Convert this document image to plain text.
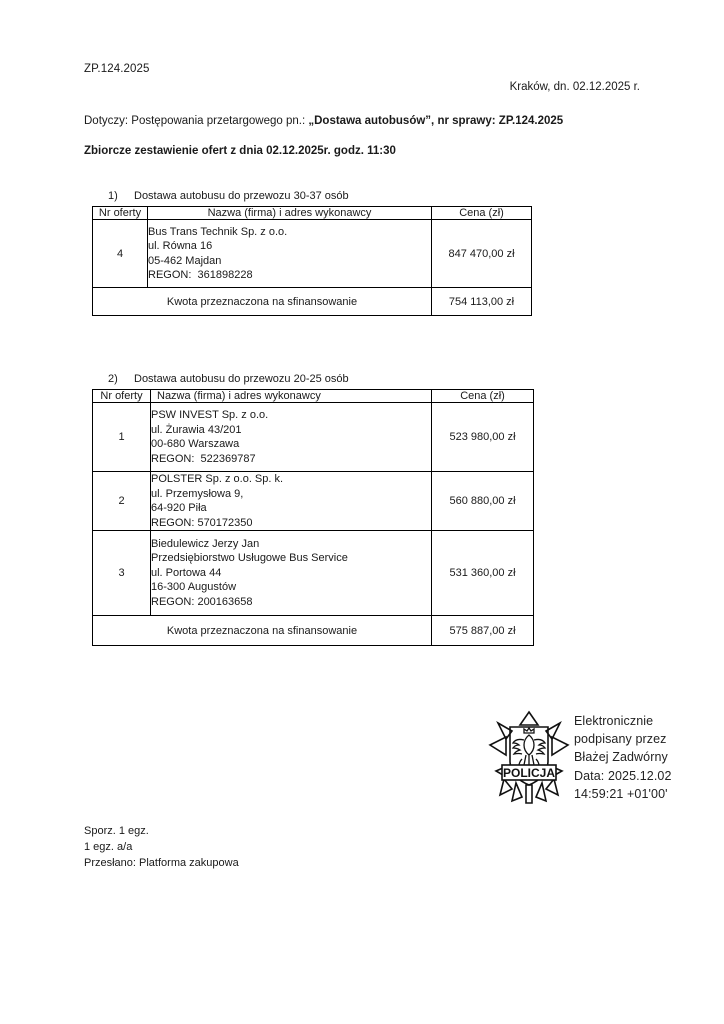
ZP.124.2025
Kraków, dn. 02.12.2025 r.
Dotyczy: Postępowania przetargowego pn.: „Dostawa autobusów”, nr sprawy: ZP.124.2025
Zbiorcze zestawienie ofert z dnia 02.12.2025r. godz. 11:30
1) Dostawa autobusu do przewozu 30-37 osób
Nr oferty	Nazwa (firma) i adres wykonawcy	Cena (zł)
4	Bus Trans Technik Sp. z o.o.
ul. Równa 16
05-462 Majdan
REGON:  361898228	847 470,00 zł
Kwota przeznaczona na sfinansowanie		754 113,00 zł
2) Dostawa autobusu do przewozu 20-25 osób
Nr oferty	Nazwa (firma) i adres wykonawcy	Cena (zł)
1	PSW INVEST Sp. z o.o.
ul. Żurawia 43/201
00-680 Warszawa
REGON:  522369787	523 980,00 zł
2	POLSTER Sp. z o.o. Sp. k.
ul. Przemysłowa 9,
64-920 Piła
REGON: 570172350	560 880,00 zł
3	Biedulewicz Jerzy Jan
Przedsiębiorstwo Usługowe Bus Service
ul. Portowa 44
16-300 Augustów
REGON: 200163658	531 360,00 zł
Kwota przeznaczona na sfinansowanie		575 887,00 zł
POLICJA
Elektronicznie
podpisany przez
Błażej Zadwórny
Data: 2025.12.02
14:59:21 +01'00'
Sporz. 1 egz.
1 egz. a/a
Przesłano: Platforma zakupowa
